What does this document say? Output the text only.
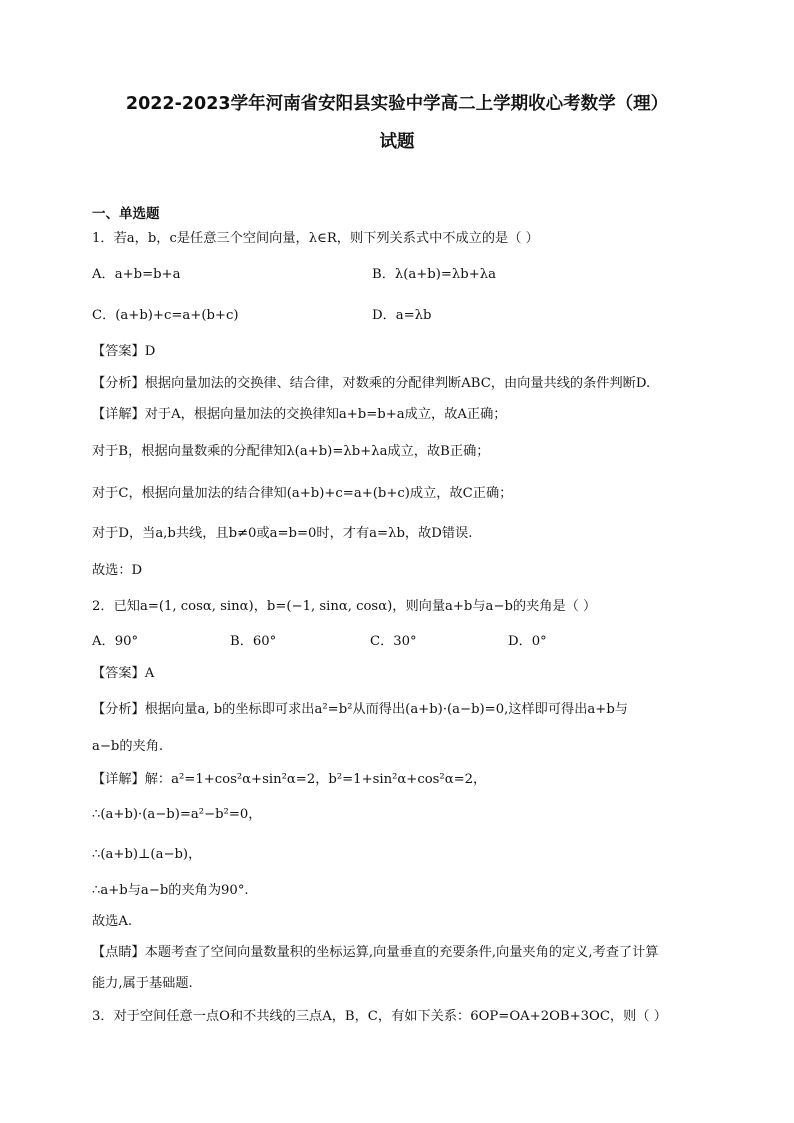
2022-2023学年河南省安阳县实验中学高二上学期收心考数学（理）
试题
一、单选题
1．若a，b，c是任意三个空间向量，λ∈R，则下列关系式中不成立的是（ ）
A．a+b=b+a	B．λ(a+b)=λb+λa
C．(a+b)+c=a+(b+c)	D．a=λb
【答案】D
【分析】根据向量加法的交换律、结合律，对数乘的分配律判断ABC，由向量共线的条件判断D.
【详解】对于A，根据向量加法的交换律知a+b=b+a成立，故A正确；
对于B，根据向量数乘的分配律知λ(a+b)=λb+λa成立，故B正确；
对于C，根据向量加法的结合律知(a+b)+c=a+(b+c)成立，故C正确；
对于D，当a,b共线，且b≠0或a=b=0时，才有a=λb，故D错误.
故选：D
2．已知a=(1, cosα, sinα)，b=(−1, sinα, cosα)，则向量a+b与a−b的夹角是（ ）
A．90°	B．60°	C．30°	D．0°
【答案】A
【分析】根据向量a, b的坐标即可求出a²=b²从而得出(a+b)·(a−b)=0,这样即可得出a+b与
a−b的夹角.
【详解】解：a²=1+cos²α+sin²α=2，b²=1+sin²α+cos²α=2，
∴(a+b)·(a−b)=a²−b²=0，
∴(a+b)⊥(a−b)，
∴a+b与a−b的夹角为90°.
故选A.
【点睛】本题考查了空间向量数量积的坐标运算,向量垂直的充要条件,向量夹角的定义,考查了计算
能力,属于基础题.
3．对于空间任意一点O和不共线的三点A，B，C，有如下关系：6OP=OA+2OB+3OC，则（ ）
